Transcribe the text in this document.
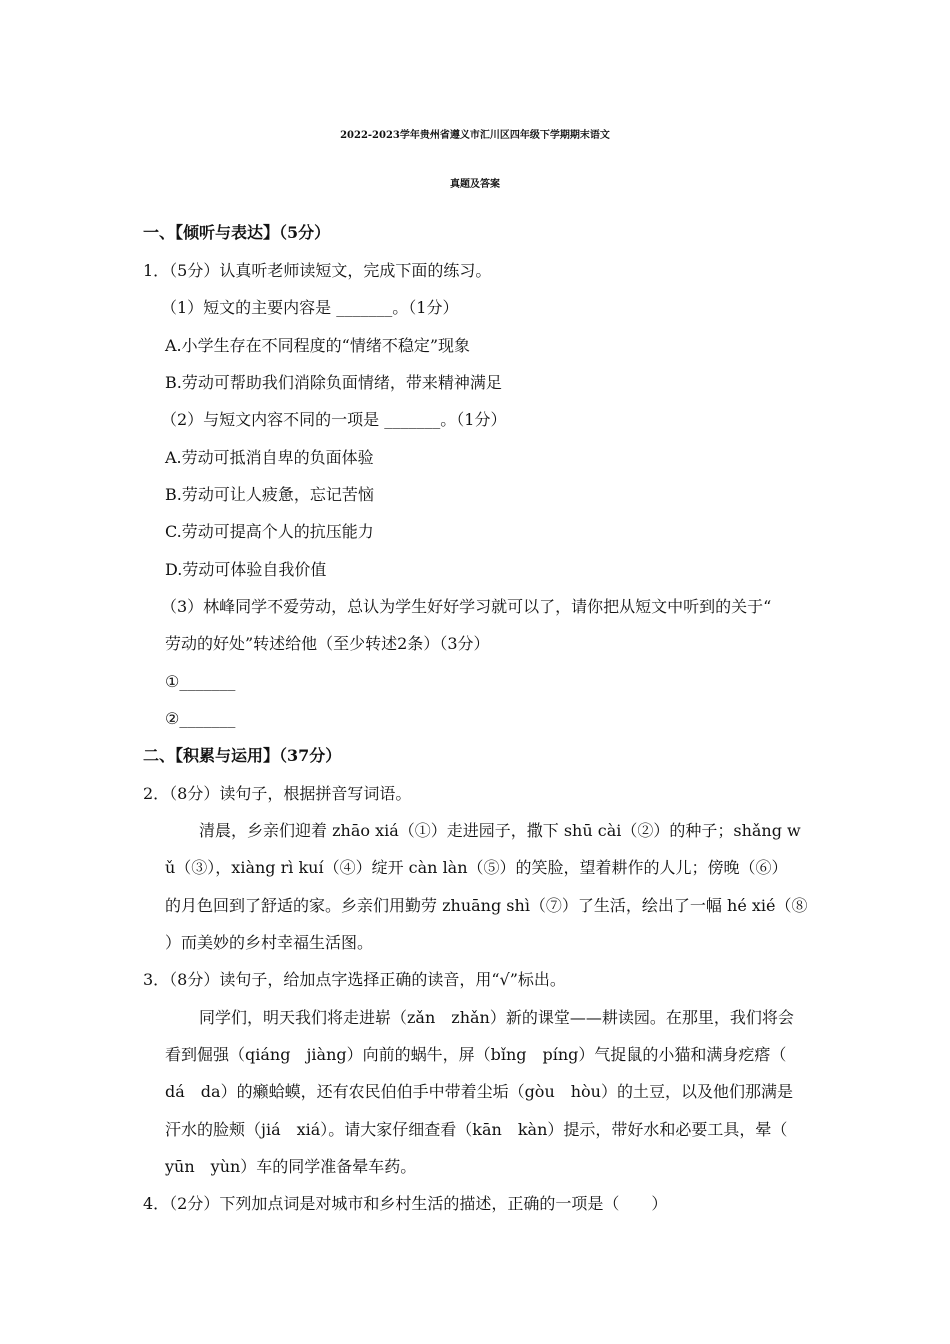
2022-2023学年贵州省遵义市汇川区四年级下学期期末语文
真题及答案
一、【倾听与表达】（5分）
1．（5分）认真听老师读短文，完成下面的练习。
（1）短文的主要内容是 _______。（1分）
A.小学生存在不同程度的“情绪不稳定”现象
B.劳动可帮助我们消除负面情绪，带来精神满足
（2）与短文内容不同的一项是 _______。（1分）
A.劳动可抵消自卑的负面体验
B.劳动可让人疲惫，忘记苦恼
C.劳动可提高个人的抗压能力
D.劳动可体验自我价值
（3）林峰同学不爱劳动，总认为学生好好学习就可以了，请你把从短文中听到的关于“
劳动的好处”转述给他（至少转述2条）（3分）
①_______
②_______
二、【积累与运用】（37分）
2．（8分）读句子，根据拼音写词语。
清晨，乡亲们迎着 zhāo xiá（①）走进园子，撒下 shū cài（②）的种子；shǎng w
ǔ（③），xiàng rì kuí（④）绽开 càn làn（⑤）的笑脸，望着耕作的人儿；傍晚（⑥）
的月色回到了舒适的家。乡亲们用勤劳 zhuāng shì（⑦）了生活，绘出了一幅 hé xié（⑧
）而美妙的乡村幸福生活图。
3．（8分）读句子，给加点字选择正确的读音，用“√”标出。
同学们，明天我们将走进崭（zǎn　zhǎn）新的课堂——耕读园。在那里，我们将会
看到倔强（qiáng　jiàng）向前的蜗牛，屏（bǐng　píng）气捉鼠的小猫和满身疙瘩（
dá　da）的癞蛤蟆，还有农民伯伯手中带着尘垢（gòu　hòu）的土豆，以及他们那满是
汗水的脸颊（jiá　xiá）。请大家仔细查看（kān　kàn）提示，带好水和必要工具，晕（
yūn　yùn）车的同学准备晕车药。
4．（2分）下列加点词是对城市和乡村生活的描述，正确的一项是（　　）
